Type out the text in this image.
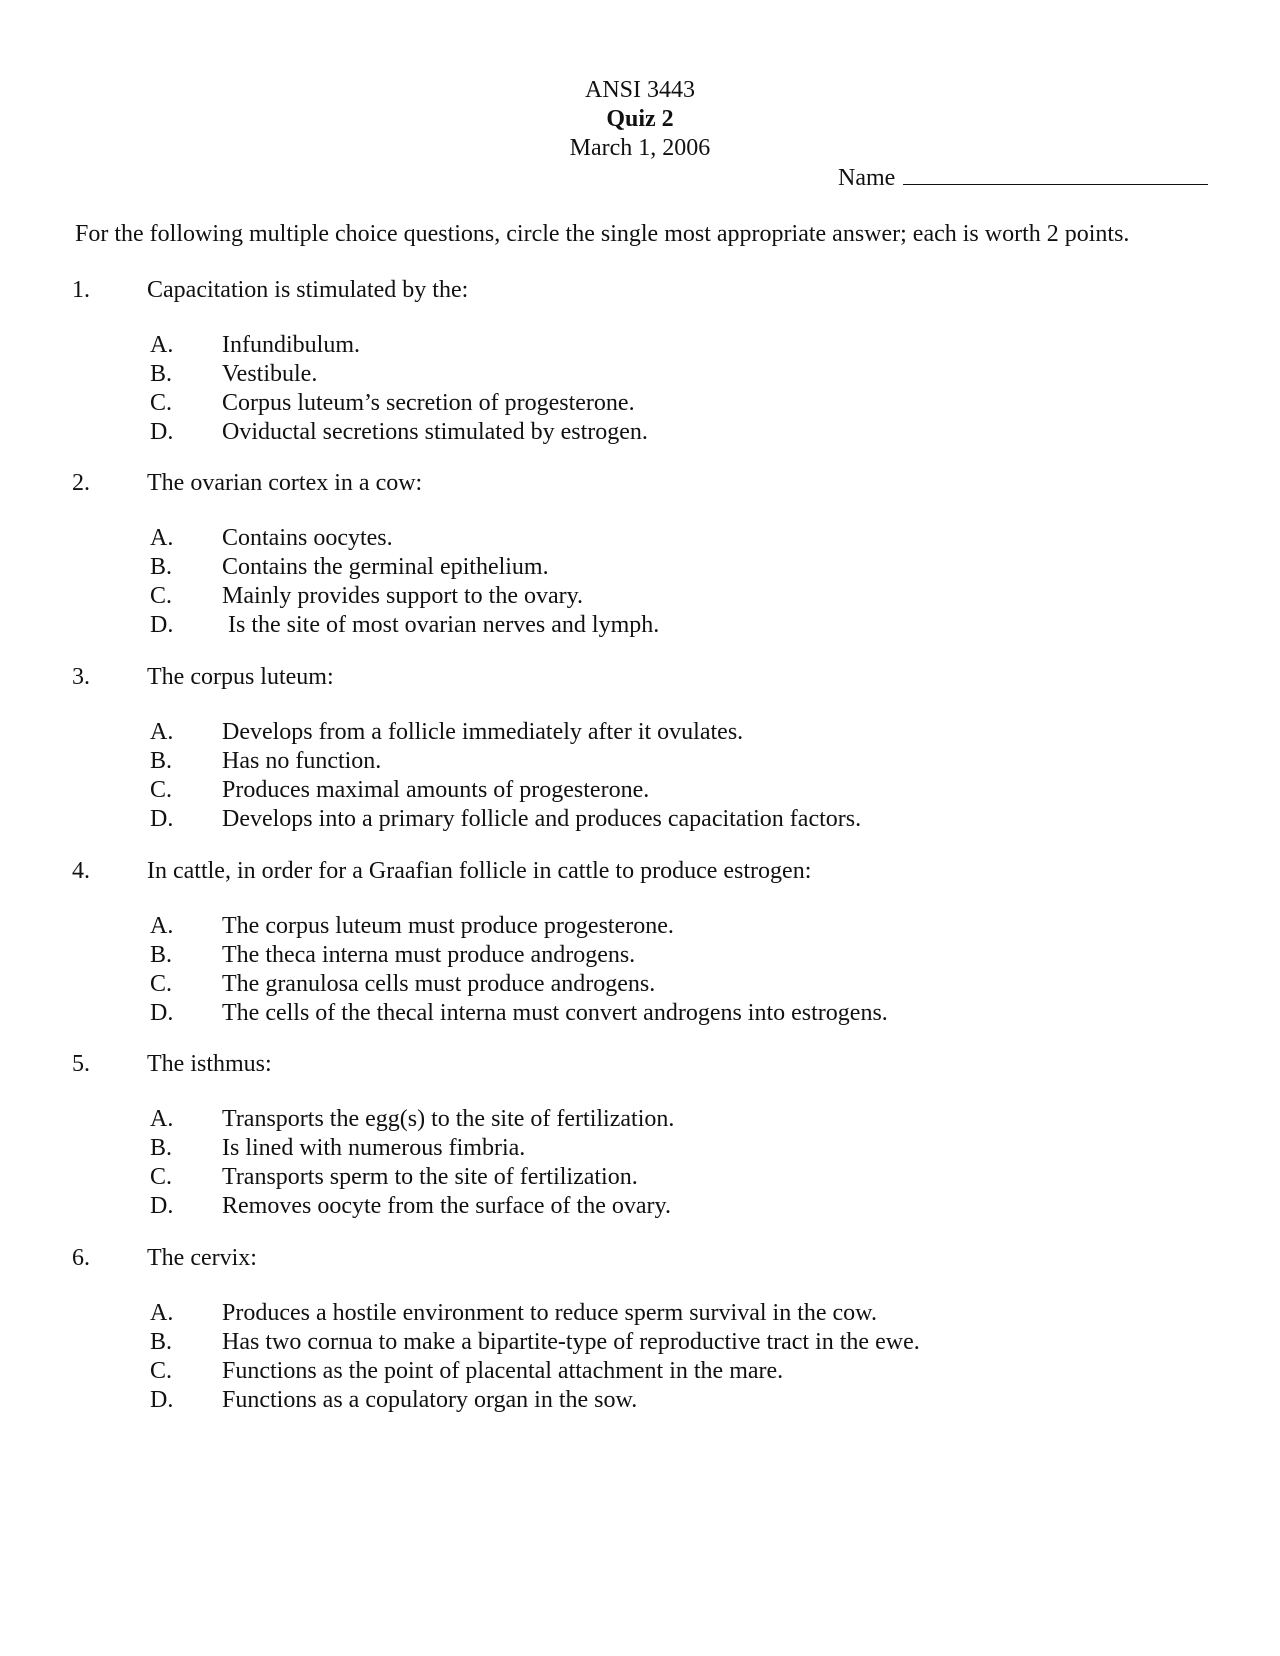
ANSI 3443
Quiz 2
March 1, 2006
Name
For the following multiple choice questions, circle the single most appropriate answer; each is worth 2 points.
1. Capacitation is stimulated by the:
A. Infundibulum.
B. Vestibule.
C. Corpus luteum’s secretion of progesterone.
D. Oviductal secretions stimulated by estrogen.
2. The ovarian cortex in a cow:
A. Contains oocytes.
B. Contains the germinal epithelium.
C. Mainly provides support to the ovary.
D. Is the site of most ovarian nerves and lymph.
3. The corpus luteum:
A. Develops from a follicle immediately after it ovulates.
B. Has no function.
C. Produces maximal amounts of progesterone.
D. Develops into a primary follicle and produces capacitation factors.
4. In cattle, in order for a Graafian follicle in cattle to produce estrogen:
A. The corpus luteum must produce progesterone.
B. The theca interna must produce androgens.
C. The granulosa cells must produce androgens.
D. The cells of the thecal interna must convert androgens into estrogens.
5. The isthmus:
A. Transports the egg(s) to the site of fertilization.
B. Is lined with numerous fimbria.
C. Transports sperm to the site of fertilization.
D. Removes oocyte from the surface of the ovary.
6. The cervix:
A. Produces a hostile environment to reduce sperm survival in the cow.
B. Has two cornua to make a bipartite-type of reproductive tract in the ewe.
C. Functions as the point of placental attachment in the mare.
D. Functions as a copulatory organ in the sow.
